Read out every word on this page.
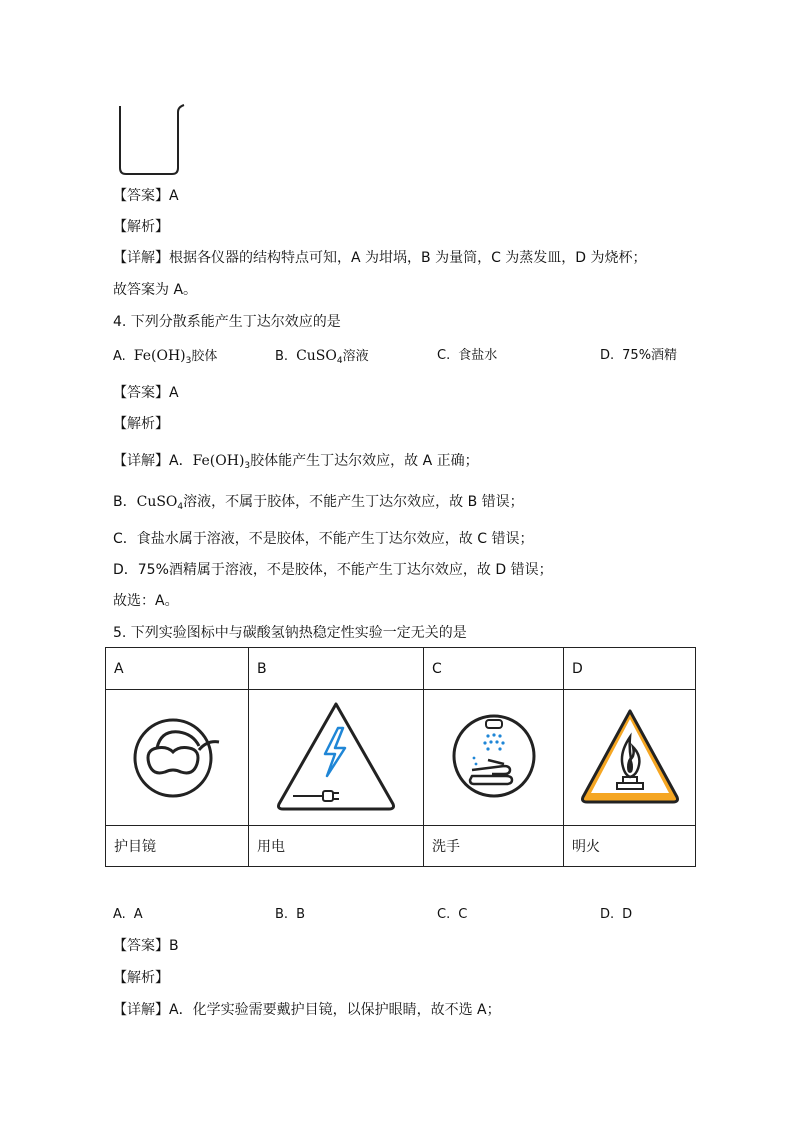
【答案】A
【解析】
【详解】根据各仪器的结构特点可知，A 为坩埚，B 为量筒，C 为蒸发皿，D 为烧杯；
故答案为 A。
4. 下列分散系能产生丁达尔效应的是
A. $Fe(OH)_3$胶体	B. CuSO$_4$溶液	C. 食盐水	D. 75%酒精
【答案】A
【解析】
【详解】A．$Fe(OH)_3$胶体能产生丁达尔效应，故 A 正确；
B．CuSO$_4$溶液，不属于胶体，不能产生丁达尔效应，故 B 错误；
C．食盐水属于溶液，不是胶体，不能产生丁达尔效应，故 C 错误；
D．75%酒精属于溶液，不是胶体，不能产生丁达尔效应，故 D 错误；
故选：A。
5. 下列实验图标中与碳酸氢钠热稳定性实验一定无关的是
A	B	C	D

护目镜	用电	洗手	明火
A. A	B. B	C. C	D. D
【答案】B
【解析】
【详解】A．化学实验需要戴护目镜，以保护眼睛，故不选 A；
